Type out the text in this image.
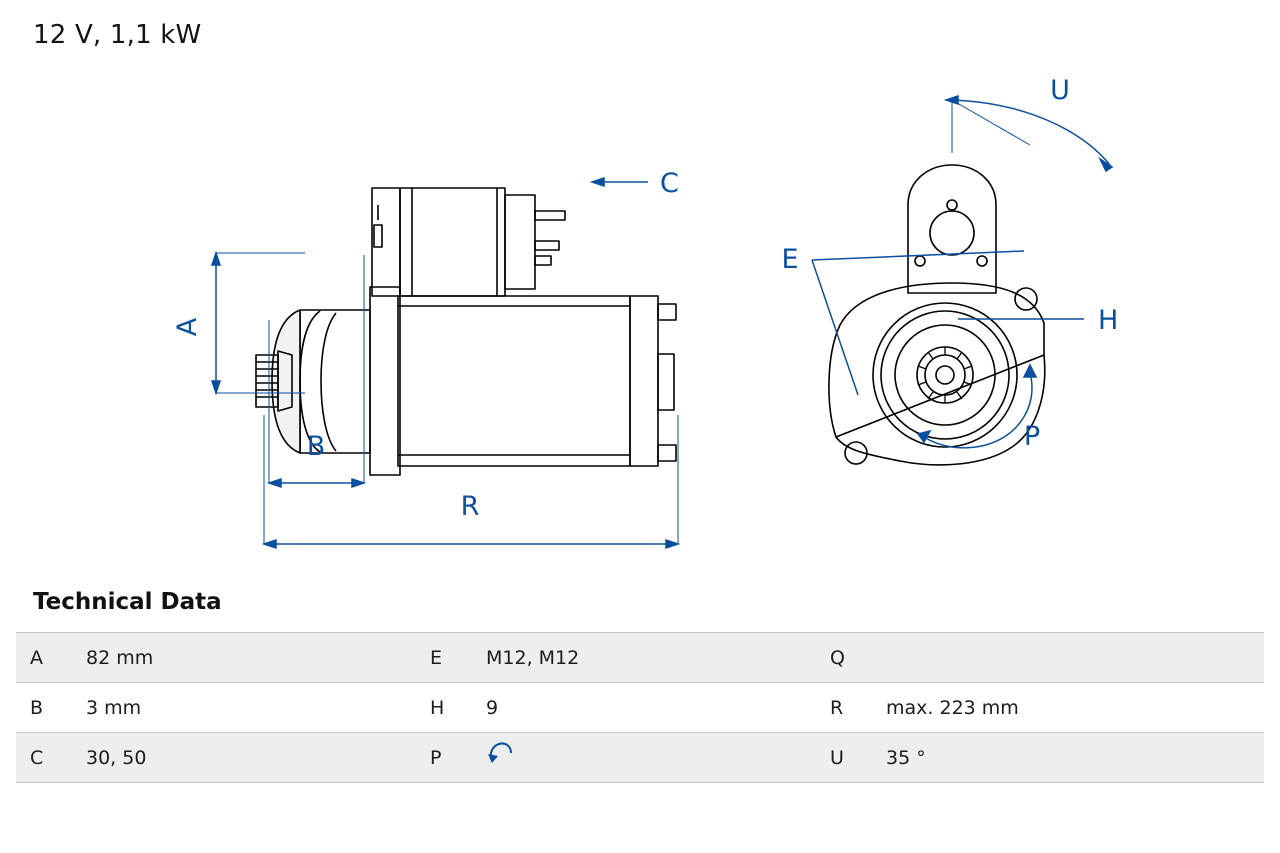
12 V, 1,1 kW
A
B
C
R
E
H
U
P
Technical Data
A	82 mm	E	M12, M12	Q	
B	3 mm	H	9	R	max. 223 mm
C	30, 50	P		U	35 °
